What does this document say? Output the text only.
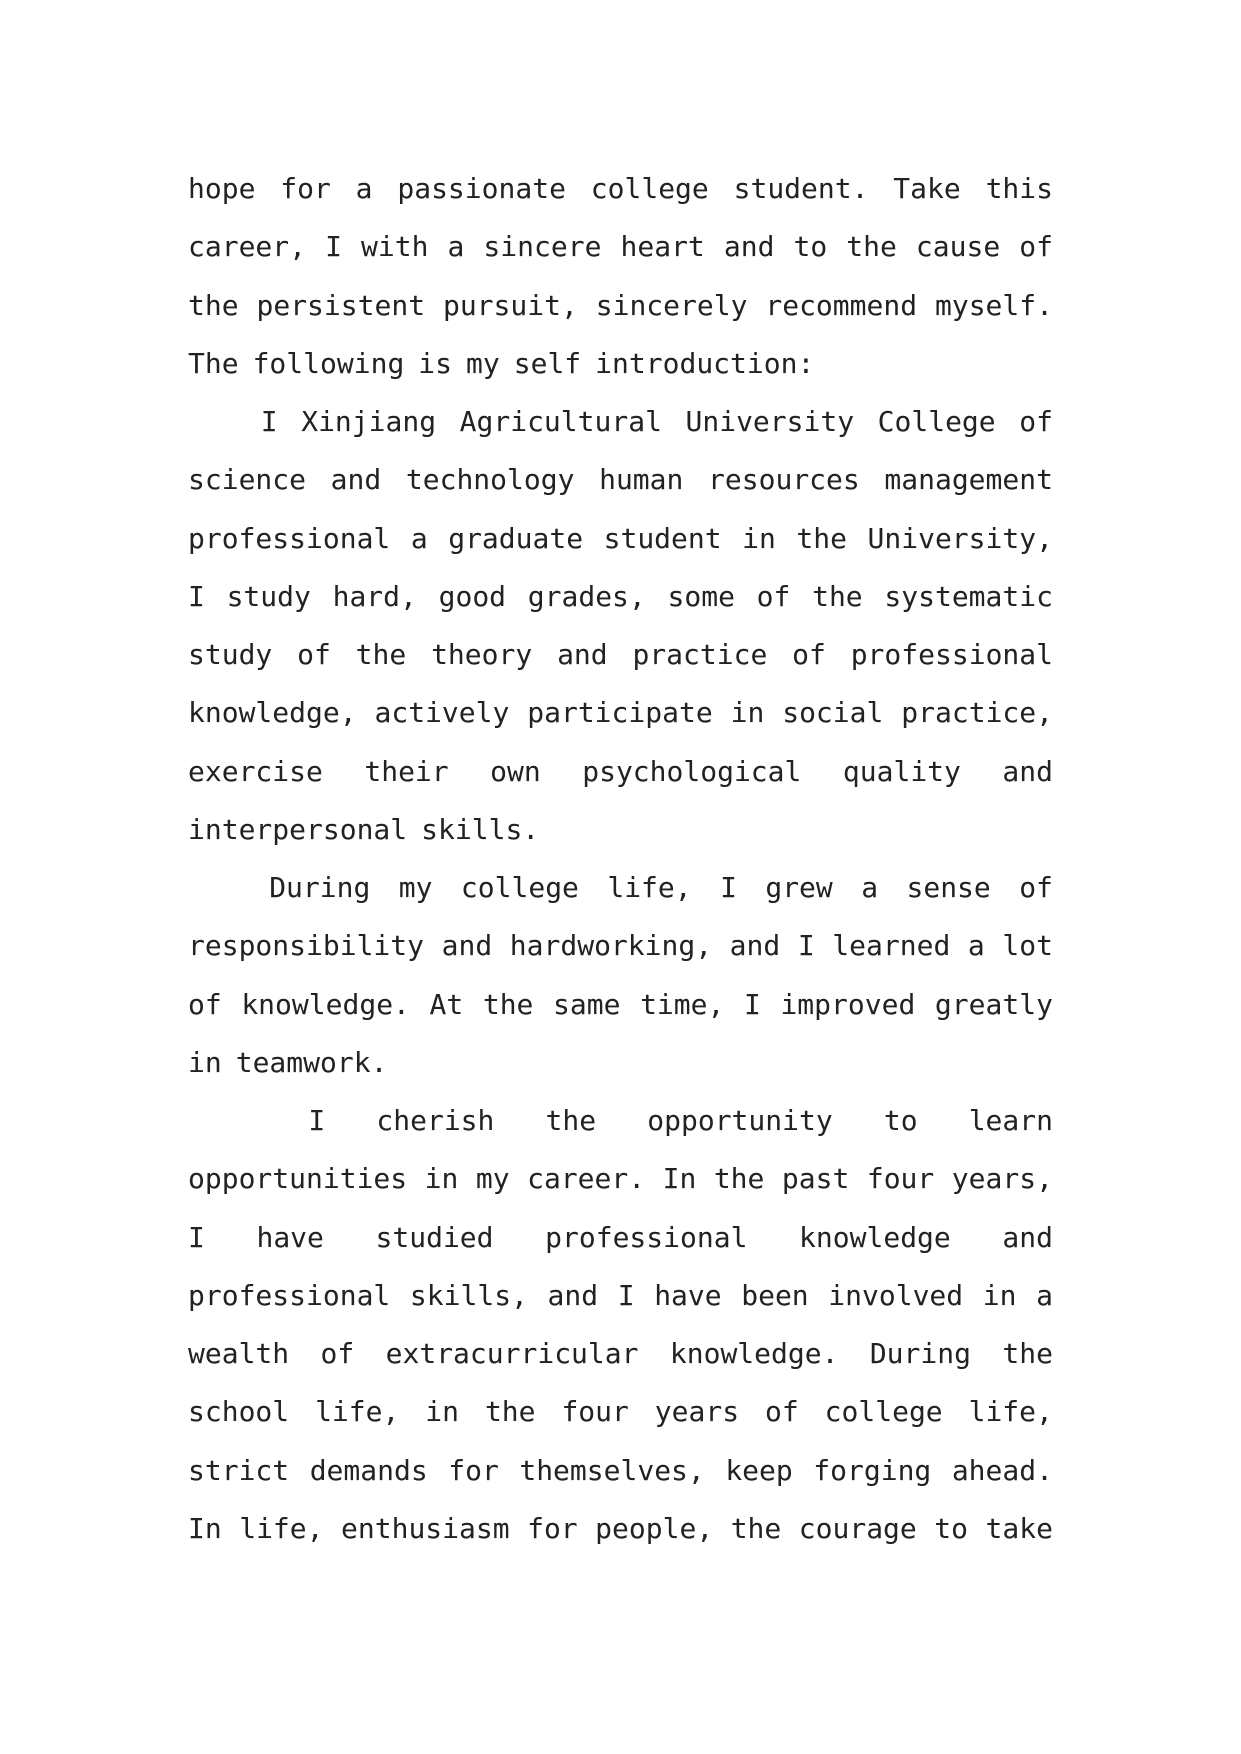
hope for a passionate college student. Take this
career, I with a sincere heart and to the cause of
the persistent pursuit, sincerely recommend myself.
The following is my self introduction:
I Xinjiang Agricultural University College of
science and technology human resources management
professional a graduate student in the University,
I study hard, good grades, some of the systematic
study of the theory and practice of professional
knowledge, actively participate in social practice,
exercise their own psychological quality and
interpersonal skills.
During my college life, I grew a sense of
responsibility and hardworking, and I learned a lot
of knowledge. At the same time, I improved greatly
in teamwork.
I cherish the opportunity to learn
opportunities in my career. In the past four years,
I have studied professional knowledge and
professional skills, and I have been involved in a
wealth of extracurricular knowledge. During the
school life, in the four years of college life,
strict demands for themselves, keep forging ahead.
In life, enthusiasm for people, the courage to take
